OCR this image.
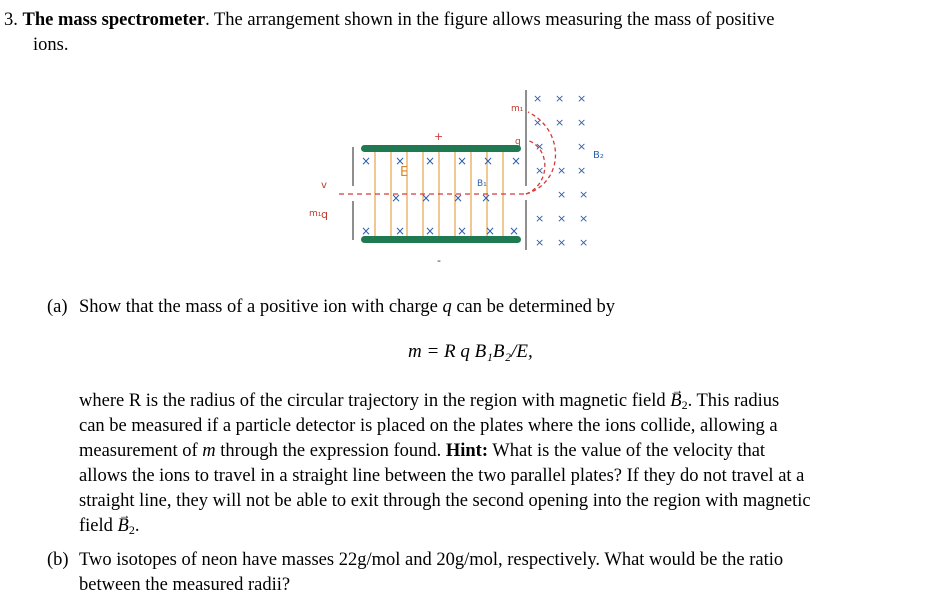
3. The mass spectrometer. The arrangement shown in the figure allows measuring the mass of positive
ions.
× × × × × ×
× × × ×
× × × × × ×
× × ×
× × ×
×	×
× × ×
× ×
× × ×
× × ×
m₁
q
m₁ q
v
E
B₁
B₂
+
-
(a) Show that the mass of a positive ion with charge q can be determined by
m = R q B₁B₂/E,
where R is the radius of the circular trajectory in the region with magnetic field → $B_2$. This radius
can be measured if a particle detector is placed on the plates where the ions collide, allowing a
measurement of m through the expression found. Hint: What is the value of the velocity that
allows the ions to travel in a straight line between the two parallel plates? If they do not travel at a
straight line, they will not be able to exit through the second opening into the region with magnetic
field → $B_2$.
(b) Two isotopes of neon have masses 22g/mol and 20g/mol, respectively. What would be the ratio
between the measured radii?
